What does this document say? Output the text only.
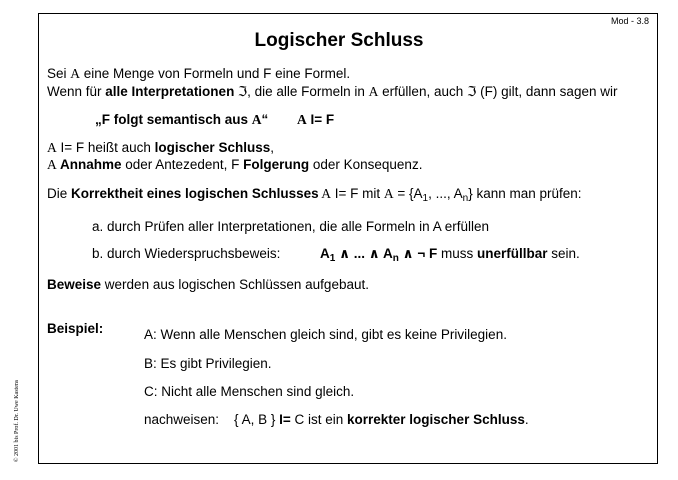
Mod - 3.8
Logischer Schluss
Sei A eine Menge von Formeln und F eine Formel.
Wenn für alle Interpretationen ℑ, die alle Formeln in A erfüllen, auch ℑ (F) gilt, dann sagen wir
„F folgt semantisch aus A“ A I= F
A I= F heißt auch logischer Schluss,
A Annahme oder Antezedent, F Folgerung oder Konsequenz.
Die Korrektheit eines logischen Schlusses A I= F mit $A = \{A_1$, ..., $A_n$} kann man prüfen:
a. durch Prüfen aller Interpretationen, die alle Formeln in A erfüllen
b. durch Wiederspruchsbeweis:	$A_1$ ∧ ... ∧ $A_n$ ∧ ¬ F muss unerfüllbar sein.
Beweise werden aus logischen Schlüssen aufgebaut.
Beispiel:	A: Wenn alle Menschen gleich sind, gibt es keine Privilegien.
B: Es gibt Privilegien.
C: Nicht alle Menschen sind gleich.
nachweisen:    { A, B } I= C ist ein korrekter logischer Schluss.
© 2001 bis Prof. Dr. Uwe Kastens
